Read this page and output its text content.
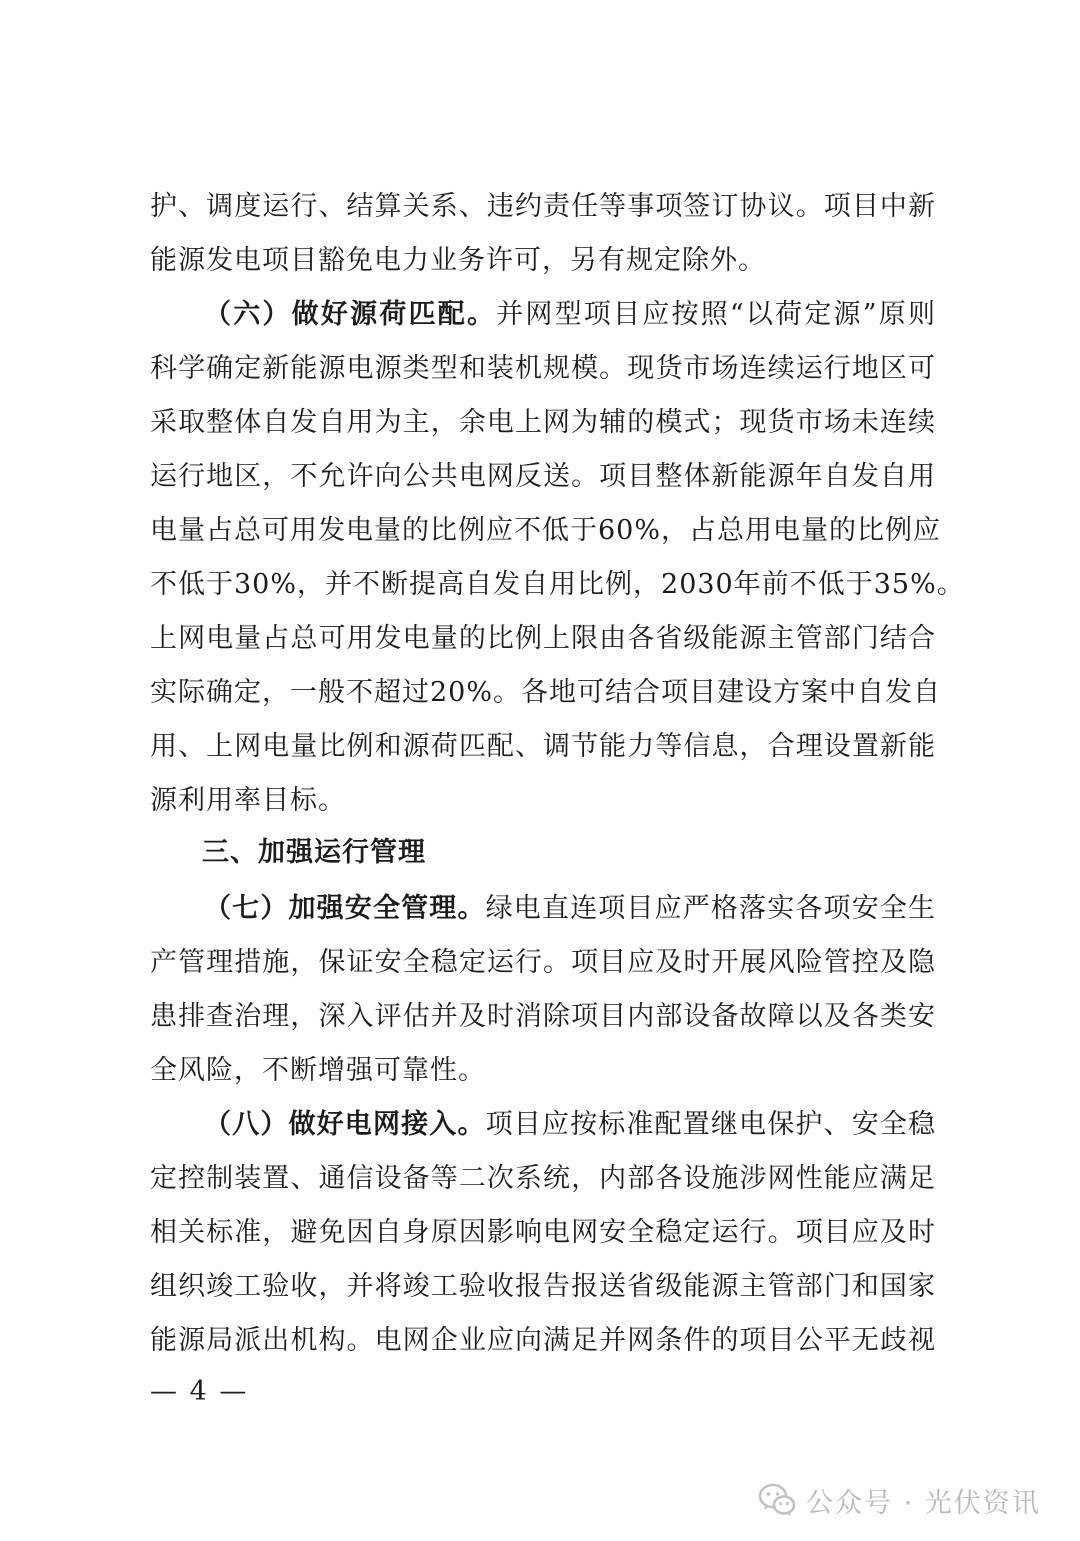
护、调度运行、结算关系、违约责任等事项签订协议。项目中新
能源发电项目豁免电力业务许可，另有规定除外。
（六）做好源荷匹配。并网型项目应按照“以荷定源”原则
科学确定新能源电源类型和装机规模。现货市场连续运行地区可
采取整体自发自用为主，余电上网为辅的模式；现货市场未连续
运行地区，不允许向公共电网反送。项目整体新能源年自发自用
电量占总可用发电量的比例应不低于60%，占总用电量的比例应
不低于30%，并不断提高自发自用比例，2030年前不低于35%。
上网电量占总可用发电量的比例上限由各省级能源主管部门结合
实际确定，一般不超过20%。各地可结合项目建设方案中自发自
用、上网电量比例和源荷匹配、调节能力等信息，合理设置新能
源利用率目标。
三、加强运行管理
（七）加强安全管理。绿电直连项目应严格落实各项安全生
产管理措施，保证安全稳定运行。项目应及时开展风险管控及隐
患排查治理，深入评估并及时消除项目内部设备故障以及各类安
全风险，不断增强可靠性。
（八）做好电网接入。项目应按标准配置继电保护、安全稳
定控制装置、通信设备等二次系统，内部各设施涉网性能应满足
相关标准，避免因自身原因影响电网安全稳定运行。项目应及时
组织竣工验收，并将竣工验收报告报送省级能源主管部门和国家
能源局派出机构。电网企业应向满足并网条件的项目公平无歧视
— 4 —
公众号 · 光伏资讯
